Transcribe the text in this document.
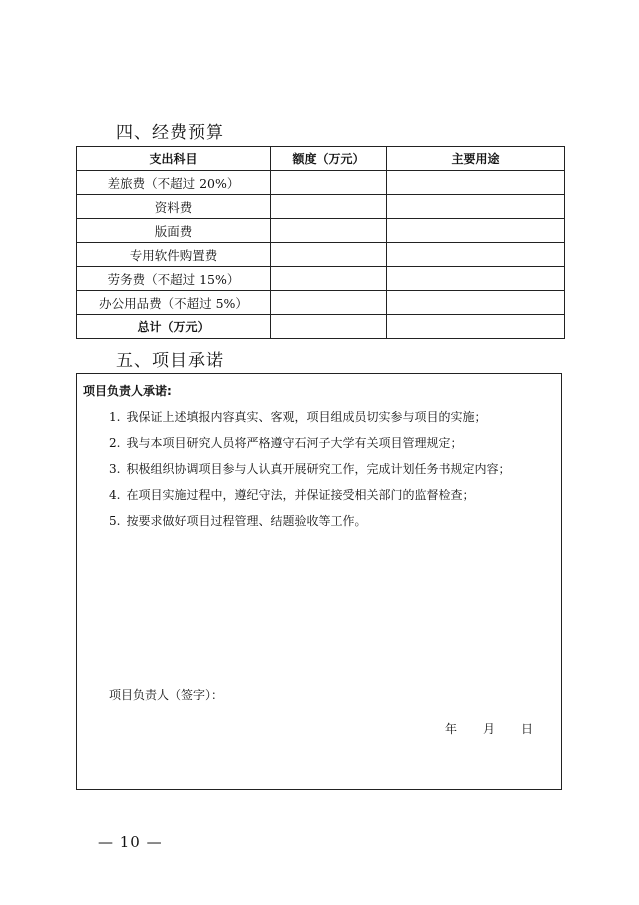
四、经费预算
支出科目	额度（万元）	主要用途
差旅费（不超过 20%）		
资料费		
版面费		
专用软件购置费		
劳务费（不超过 15%）		
办公用品费（不超过 5%）		
总计（万元）		
五、项目承诺

项目负责人承诺:

1. 我保证上述填报内容真实、客观，项目组成员切实参与项目的实施；
2. 我与本项目研究人员将严格遵守石河子大学有关项目管理规定；
3. 积极组织协调项目参与人认真开展研究工作，完成计划任务书规定内容；
4. 在项目实施过程中，遵纪守法，并保证接受相关部门的监督检查；
5. 按要求做好项目过程管理、结题验收等工作。

项目负责人（签字）：

年 月 日
— 10 —
